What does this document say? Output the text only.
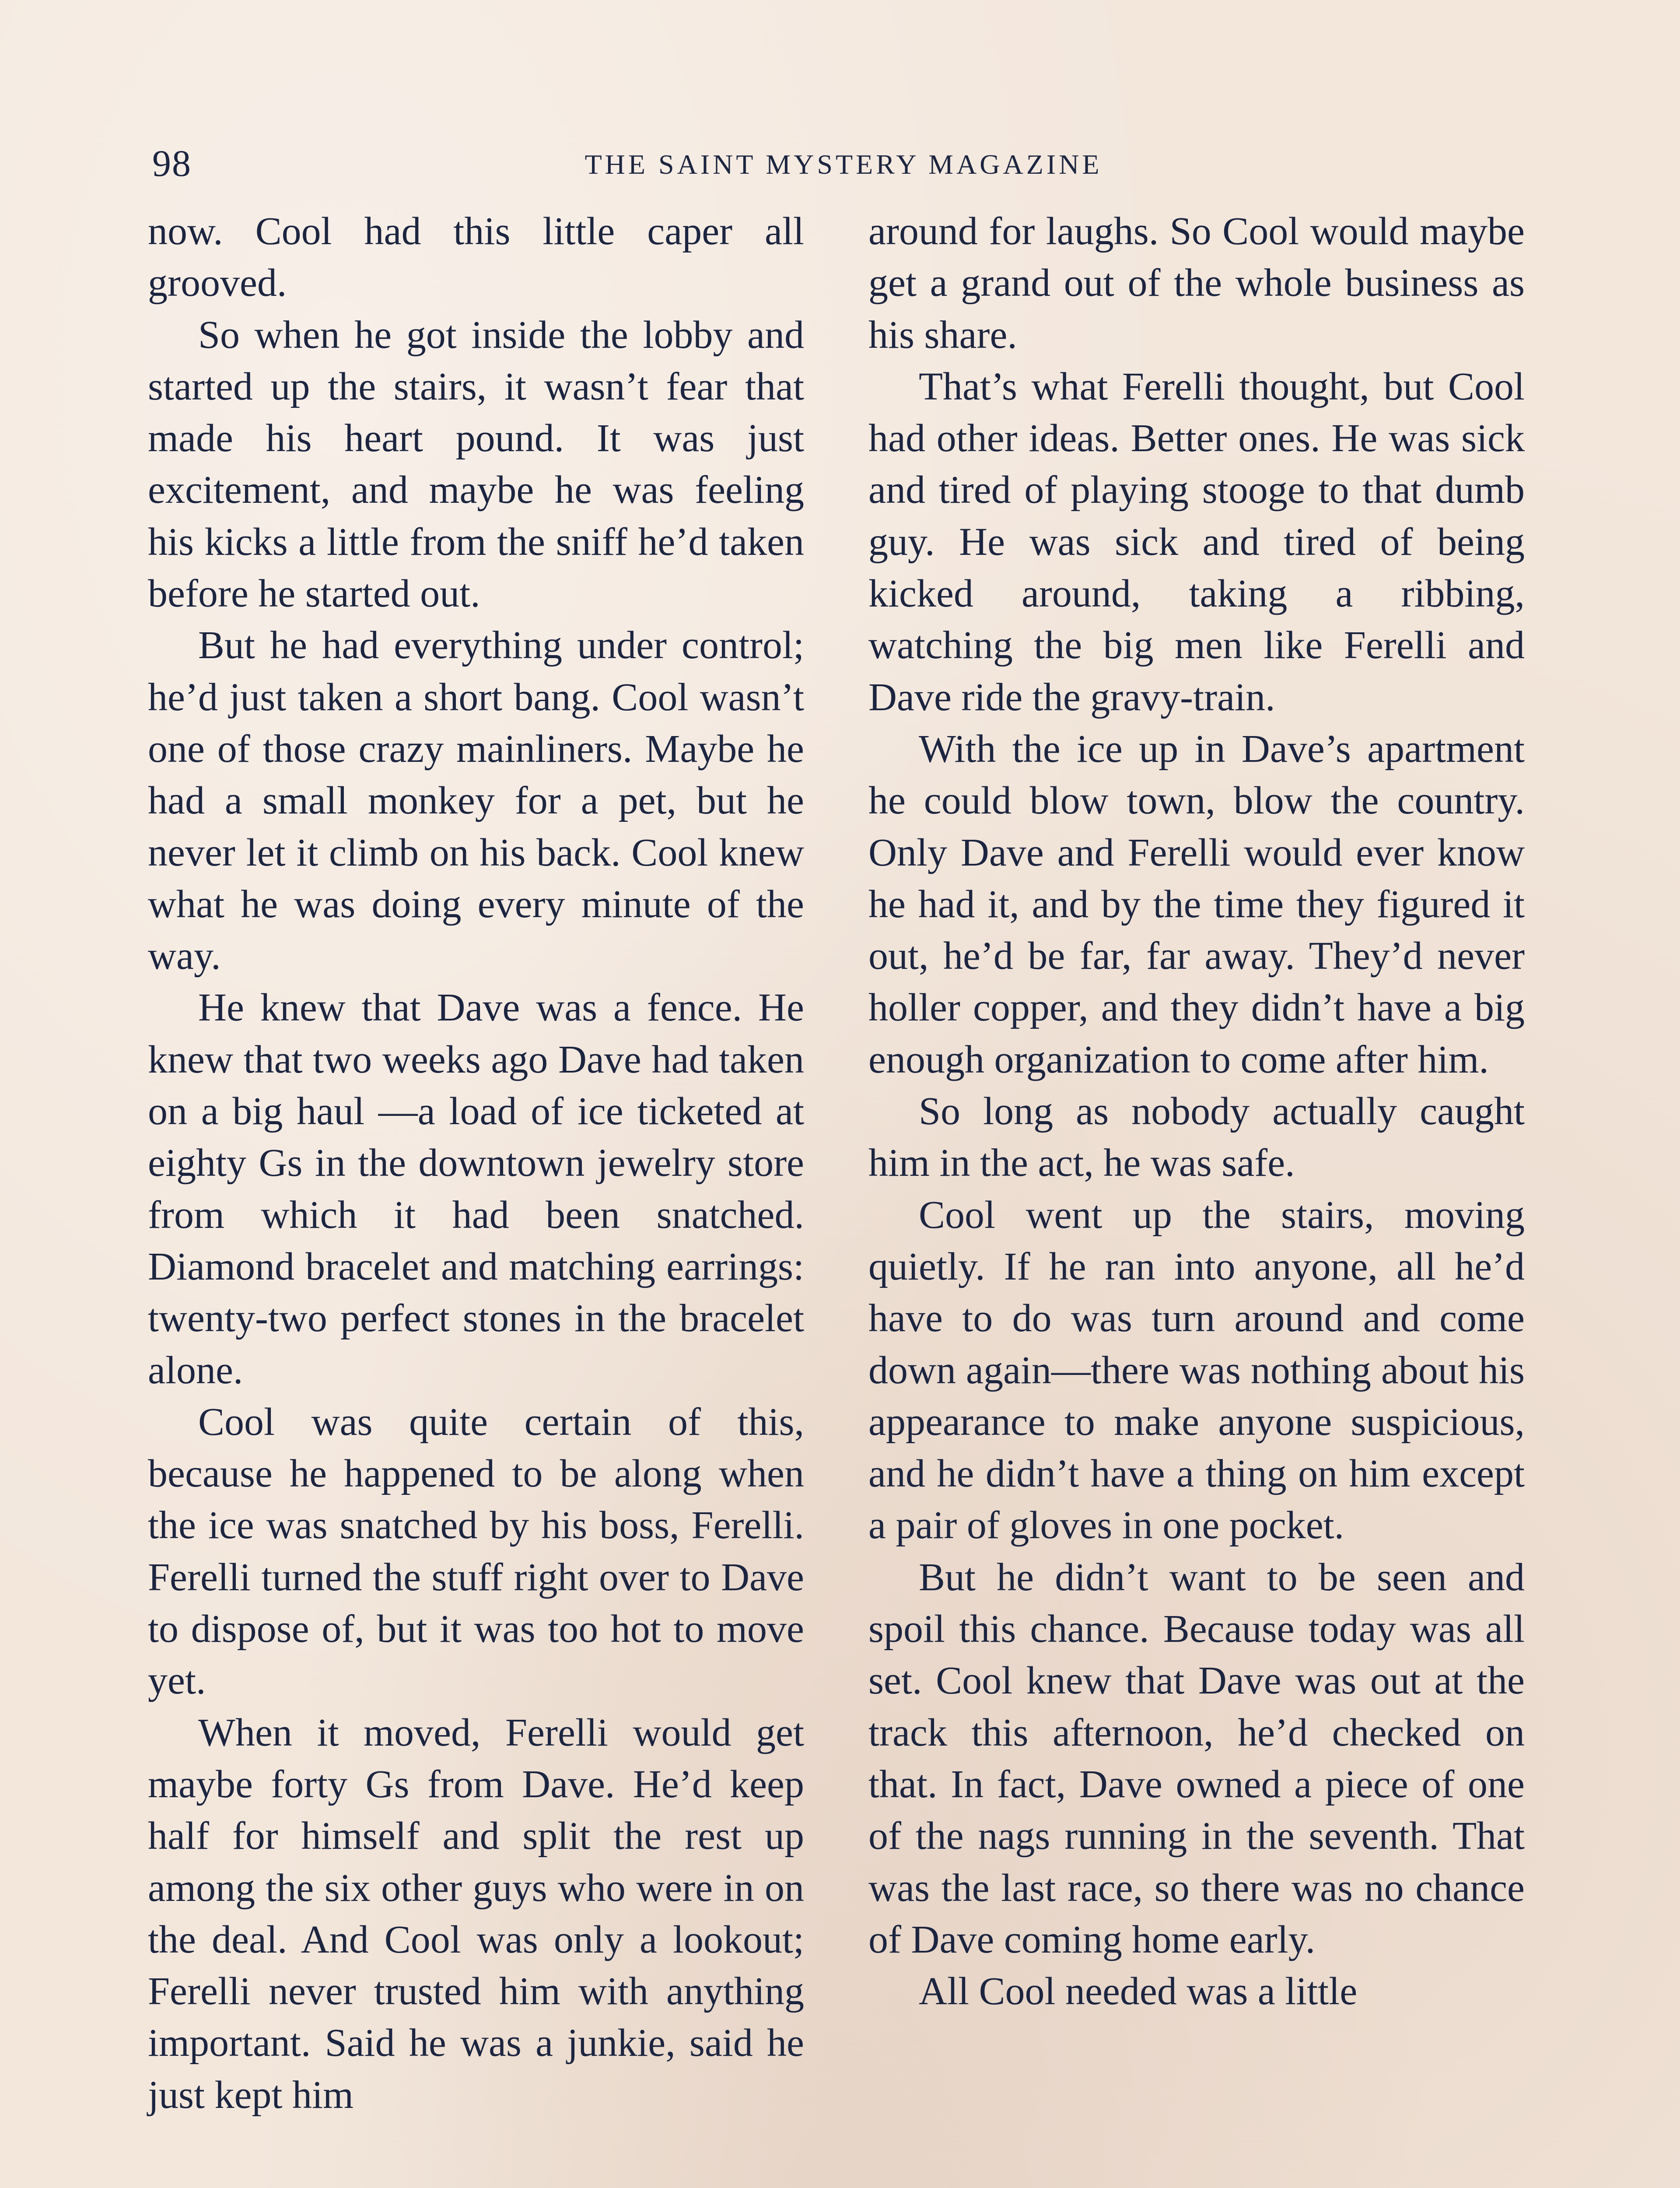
98	THE SAINT MYSTERY MAGAZINE

now. Cool had this little caper all grooved.

So when he got inside the lobby and started up the stairs, it wasn’t fear that made his heart pound. It was just excitement, and maybe he was feeling his kicks a little from the sniff he’d taken before he started out.

But he had everything under control; he’d just taken a short bang. Cool wasn’t one of those crazy mainliners. Maybe he had a small monkey for a pet, but he never let it climb on his back. Cool knew what he was doing every minute of the way.

He knew that Dave was a fence. He knew that two weeks ago Dave had taken on a big haul —a load of ice ticketed at eighty Gs in the downtown jewelry store from which it had been snatched. Diamond bracelet and matching earrings: twenty-two perfect stones in the bracelet alone.

Cool was quite certain of this, because he happened to be along when the ice was snatched by his boss, Ferelli. Ferelli turned the stuff right over to Dave to dispose of, but it was too hot to move yet.

When it moved, Ferelli would get maybe forty Gs from Dave. He’d keep half for himself and split the rest up among the six other guys who were in on the deal. And Cool was only a lookout; Ferelli never trusted him with anything important. Said he was a junkie, said he just kept him

around for laughs. So Cool would maybe get a grand out of the whole business as his share.

That’s what Ferelli thought, but Cool had other ideas. Better ones. He was sick and tired of playing stooge to that dumb guy. He was sick and tired of being kicked around, taking a ribbing, watching the big men like Ferelli and Dave ride the gravy-train.

With the ice up in Dave’s apartment he could blow town, blow the country. Only Dave and Ferelli would ever know he had it, and by the time they figured it out, he’d be far, far away. They’d never holler copper, and they didn’t have a big enough organization to come after him.

So long as nobody actually caught him in the act, he was safe.

Cool went up the stairs, moving quietly. If he ran into anyone, all he’d have to do was turn around and come down again—there was nothing about his appearance to make anyone suspicious, and he didn’t have a thing on him except a pair of gloves in one pocket.

But he didn’t want to be seen and spoil this chance. Because today was all set. Cool knew that Dave was out at the track this afternoon, he’d checked on that. In fact, Dave owned a piece of one of the nags running in the seventh. That was the last race, so there was no chance of Dave coming home early.

All Cool needed was a little
